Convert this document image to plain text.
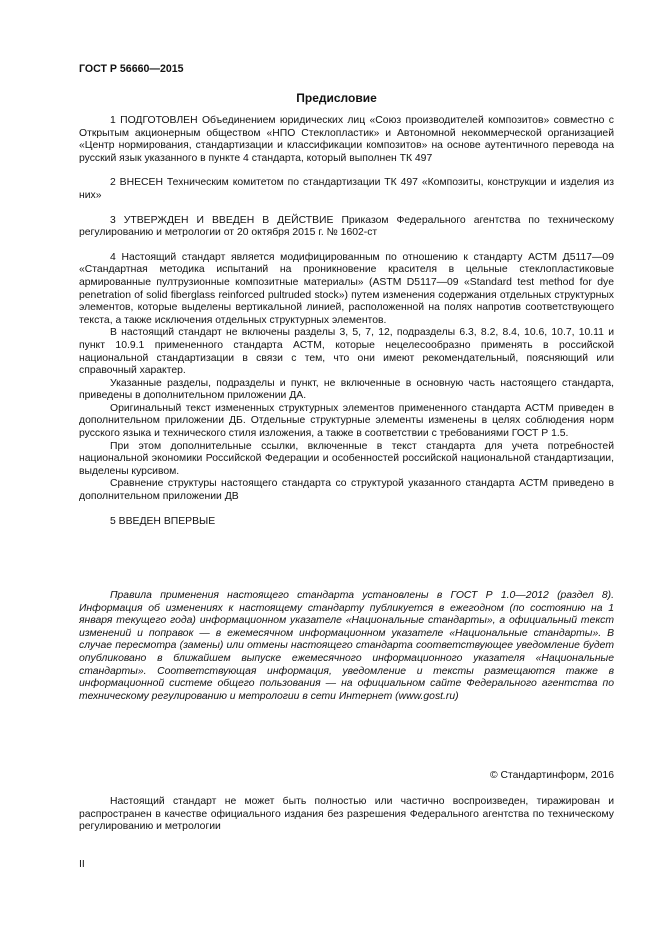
ГОСТ Р 56660—2015
Предисловие

1 ПОДГОТОВЛЕН Объединением юридических лиц «Союз производителей композитов» совместно с Открытым акционерным обществом «НПО Стеклопластик» и Автономной некоммерческой организацией «Центр нормирования, стандартизации и классификации композитов» на основе аутентичного перевода на русский язык указанного в пункте 4 стандарта, который выполнен ТК 497

2 ВНЕСЕН Техническим комитетом по стандартизации ТК 497 «Композиты, конструкции и изделия из них»

3 УТВЕРЖДЕН И ВВЕДЕН В ДЕЙСТВИЕ Приказом Федерального агентства по техническому регулированию и метрологии от 20 октября 2015 г. № 1602-ст

4 Настоящий стандарт является модифицированным по отношению к стандарту АСТМ Д5117—09 «Стандартная методика испытаний на проникновение красителя в цельные стеклопластиковые армированные пултрузионные композитные материалы» (ASTM D5117—09 «Standard test method for dye penetration of solid fiberglass reinforced pultruded stock») путем изменения содержания отдельных структурных элементов, которые выделены вертикальной линией, расположенной на полях напротив соответствующего текста, а также исключения отдельных структурных элементов.

В настоящий стандарт не включены разделы 3, 5, 7, 12, подразделы 6.3, 8.2, 8.4, 10.6, 10.7, 10.11 и пункт 10.9.1 примененного стандарта АСТМ, которые нецелесообразно применять в российской национальной стандартизации в связи с тем, что они имеют рекомендательный, поясняющий или справочный характер.

Указанные разделы, подразделы и пункт, не включенные в основную часть настоящего стандарта, приведены в дополнительном приложении ДА.

Оригинальный текст измененных структурных элементов примененного стандарта АСТМ приведен в дополнительном приложении ДБ. Отдельные структурные элементы изменены в целях соблюдения норм русского языка и технического стиля изложения, а также в соответствии с требованиями ГОСТ Р 1.5.

При этом дополнительные ссылки, включенные в текст стандарта для учета потребностей национальной экономики Российской Федерации и особенностей российской национальной стандартизации, выделены курсивом.

Сравнение структуры настоящего стандарта со структурой указанного стандарта АСТМ приведено в дополнительном приложении ДВ

5 ВВЕДЕН ВПЕРВЫЕ

Правила применения настоящего стандарта установлены в ГОСТ Р 1.0—2012 (раздел 8). Информация об изменениях к настоящему стандарту публикуется в ежегодном (по состоянию на 1 января текущего года) информационном указателе «Национальные стандарты», а официальный текст изменений и поправок — в ежемесячном информационном указателе «Национальные стандарты». В случае пересмотра (замены) или отмены настоящего стандарта соответствующее уведомление будет опубликовано в ближайшем выпуске ежемесячного информационного указателя «Национальные стандарты». Соответствующая информация, уведомление и тексты размещаются также в информационной системе общего пользования — на официальном сайте Федерального агентства по техническому регулированию и метрологии в сети Интернет (www.gost.ru)

© Стандартинформ, 2016

Настоящий стандарт не может быть полностью или частично воспроизведен, тиражирован и распространен в качестве официального издания без разрешения Федерального агентства по техническому регулированию и метрологии

II
